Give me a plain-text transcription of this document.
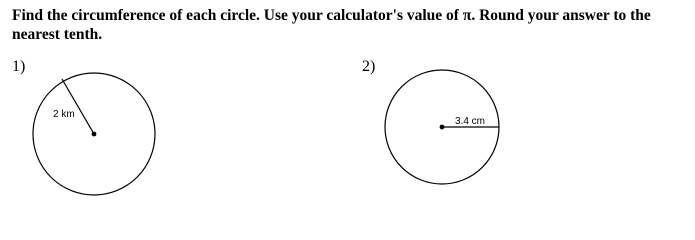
Find the circumference of each circle. Use your calculator's value of π. Round your answer to the nearest tenth.

1)

2 km

2)

3.4 cm
